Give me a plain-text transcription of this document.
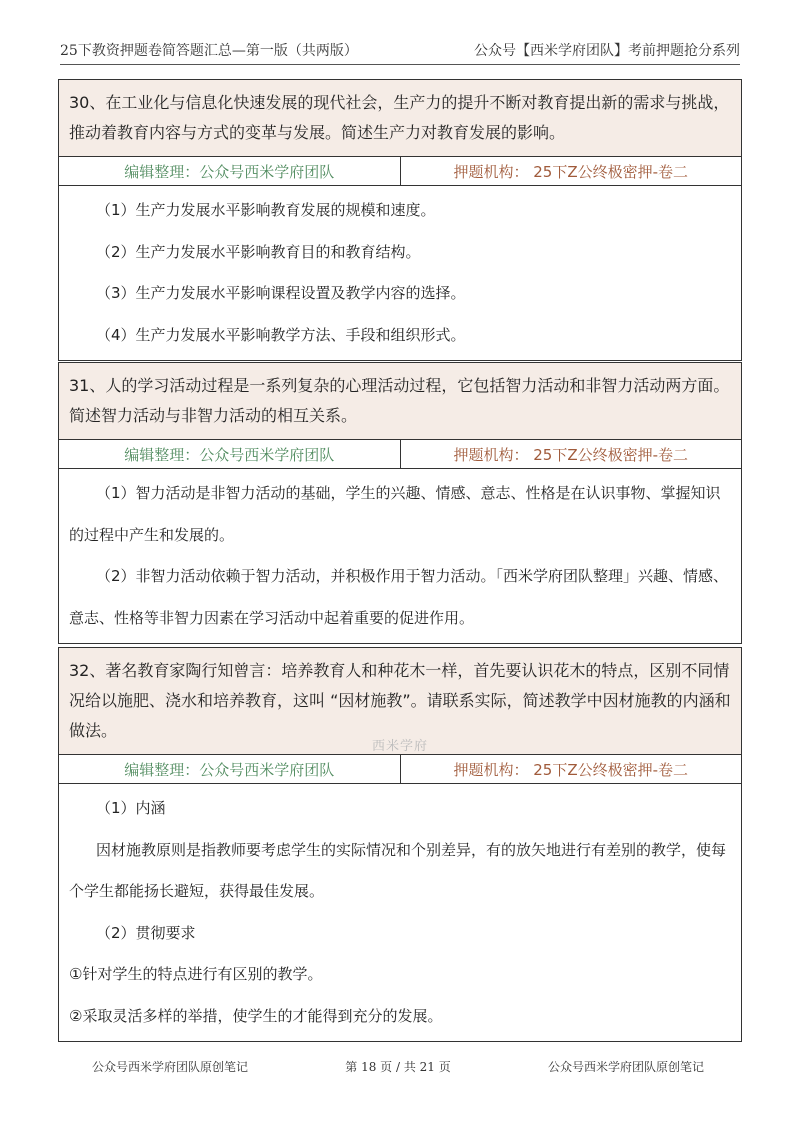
25下教资押题卷简答题汇总—第一版（共两版）	公众号【西米学府团队】考前押题抢分系列
30、在工业化与信息化快速发展的现代社会，生产力的提升不断对教育提出新的需求与挑战，推动着教育内容与方式的变革与发展。简述生产力对教育发展的影响。
编辑整理：公众号西米学府团队	押题机构： 25下Z公终极密押-卷二

（1）生产力发展水平影响教育发展的规模和速度。

（2）生产力发展水平影响教育目的和教育结构。

（3）生产力发展水平影响课程设置及教学内容的选择。

（4）生产力发展水平影响教学方法、手段和组织形式。

31、人的学习活动过程是一系列复杂的心理活动过程，它包括智力活动和非智力活动两方面。简述智力活动与非智力活动的相互关系。
编辑整理：公众号西米学府团队	押题机构： 25下Z公终极密押-卷二

（1）智力活动是非智力活动的基础，学生的兴趣、情感、意志、性格是在认识事物、掌握知识的过程中产生和发展的。

（2）非智力活动依赖于智力活动，并积极作用于智力活动。「西米学府团队整理」兴趣、情感、意志、性格等非智力因素在学习活动中起着重要的促进作用。

32、著名教育家陶行知曾言：培养教育人和种花木一样，首先要认识花木的特点，区别不同情况给以施肥、浇水和培养教育，这叫 “因材施教”。请联系实际，简述教学中因材施教的内涵和做法。
编辑整理：公众号西米学府团队	押题机构： 25下Z公终极密押-卷二

（1）内涵

因材施教原则是指教师要考虑学生的实际情况和个别差异，有的放矢地进行有差别的教学，使每个学生都能扬长避短，获得最佳发展。

（2）贯彻要求

①针对学生的特点进行有区别的教学。

②采取灵活多样的举措，使学生的才能得到充分的发展。

西米学府
公众号西米学府团队原创笔记	第 18 页 / 共 21 页	公众号西米学府团队原创笔记
